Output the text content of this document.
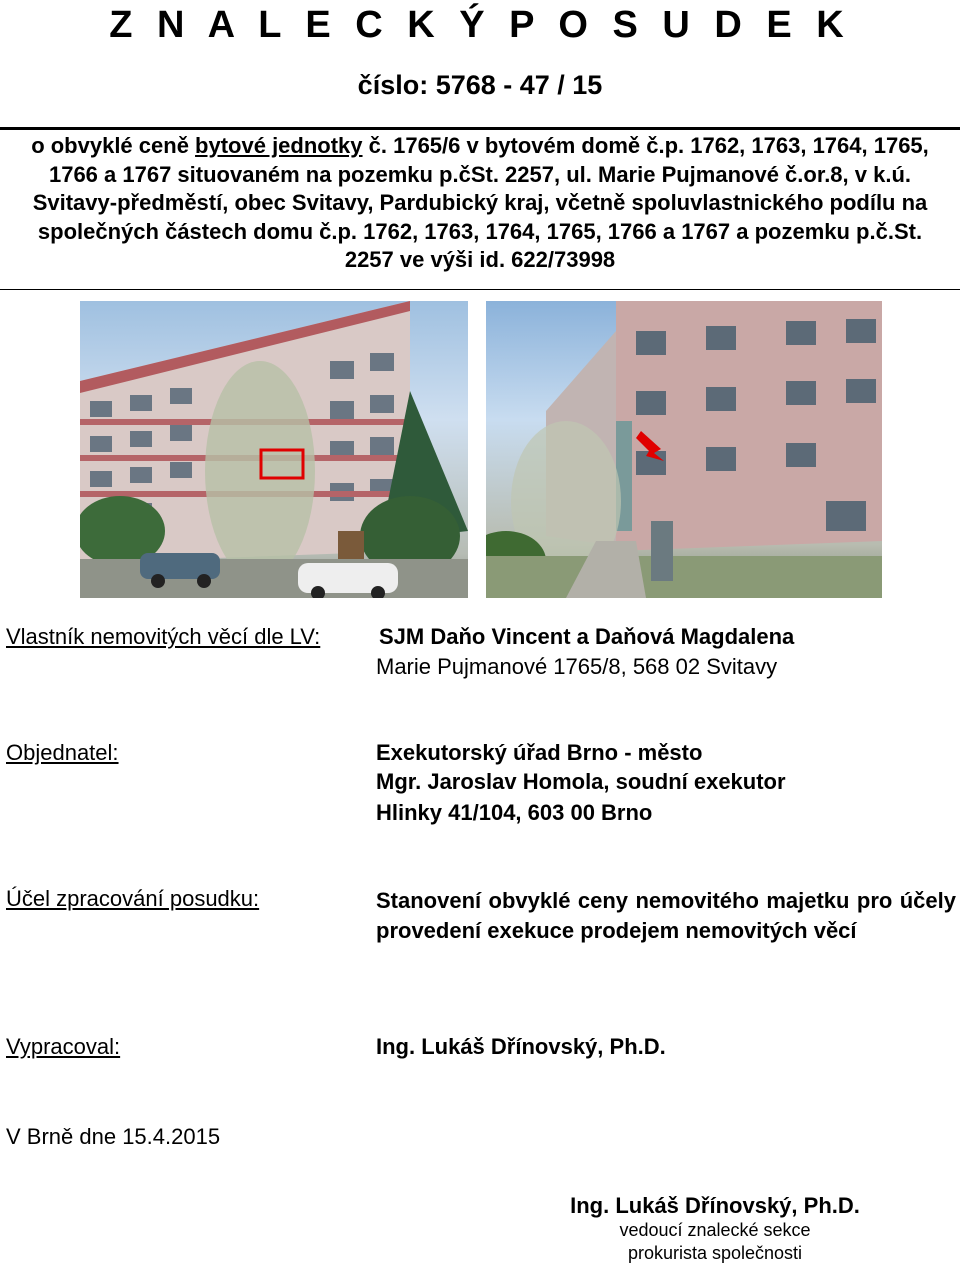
Z N A L E C K Ý P O S U D E K
číslo: 5768 - 47 / 15
o obvyklé ceně bytové jednotky č. 1765/6 v bytovém domě č.p. 1762, 1763, 1764, 1765, 1766 a 1767 situovaném na pozemku p.čSt. 2257, ul. Marie Pujmanové č.or.8, v k.ú. Svitavy-předměstí, obec Svitavy, Pardubický kraj, včetně spoluvlastnického podílu na společných částech domu č.p. 1762, 1763, 1764, 1765, 1766 a 1767 a pozemku p.č.St. 2257 ve výši id. 622/73998
Vlastník nemovitých věcí dle LV:	SJM Daňo Vincent a Daňová Magdalena
Marie Pujmanové 1765/8, 568 02 Svitavy
Objednatel:	Exekutorský úřad Brno - město
Mgr. Jaroslav Homola, soudní exekutor
Hlinky 41/104, 603 00 Brno
Účel zpracování posudku:	Stanovení obvyklé ceny nemovitého majetku pro účely provedení exekuce prodejem nemovitých věcí
Vypracoval:	Ing. Lukáš Dřínovský, Ph.D.
V Brně dne 15.4.2015
Ing. Lukáš Dřínovský, Ph.D.
vedoucí znalecké sekce
prokurista společnosti
